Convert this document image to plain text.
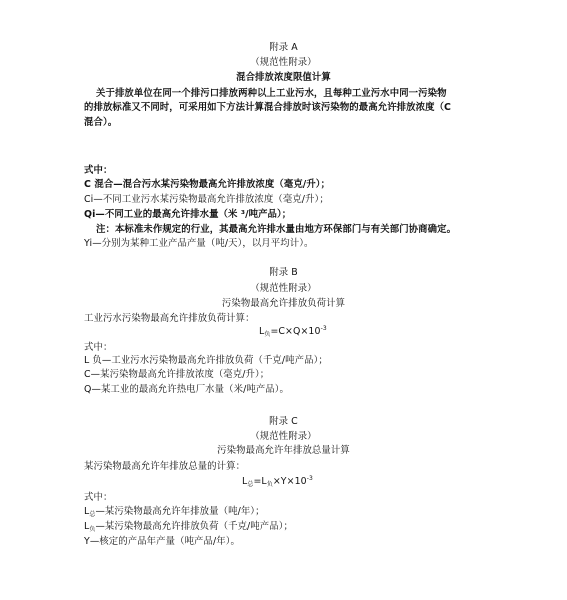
附录 A
（规范性附录）
混合排放浓度限值计算
关于排放单位在同一个排污口排放两种以上工业污水，且每种工业污水中同一污染物
的排放标准又不同时，可采用如下方法计算混合排放时该污染物的最高允许排放浓度（C
混合）。
式中：
C 混合—混合污水某污染物最高允许排放浓度（毫克/升）；
Ci—不同工业污水某污染物最高允许排放浓度（毫克/升）；
Qi—不同工业的最高允许排水量（米 ³/吨产品）；
注：本标准未作规定的行业，其最高允许排水量由地方环保部门与有关部门协商确定。
Yi—分别为某种工业产品产量（吨/天），以月平均计）。
附录 B
（规范性附录）
污染物最高允许排放负荷计算
工业污水污染物最高允许排放负荷计算：
$L_负=C\times Q\times 10^{-3}$
式中：
L 负—工业污水污染物最高允许排放负荷（千克/吨产品）；
C—某污染物最高允许排放浓度（毫克/升）；
Q—某工业的最高允许热电厂水量（米/吨产品）。
附录 C
（规范性附录）
污染物最高允许年排放总量计算
某污染物最高允许年排放总量的计算：
$L_总=L_负\times Y\times 10^{-3}$
式中：
$L_总—$某污染物最高允许年排放量（吨/年）；
$L_负—$某污染物最高允许排放负荷（千克/吨产品）；
Y—核定的产品年产量（吨产品/年）。
